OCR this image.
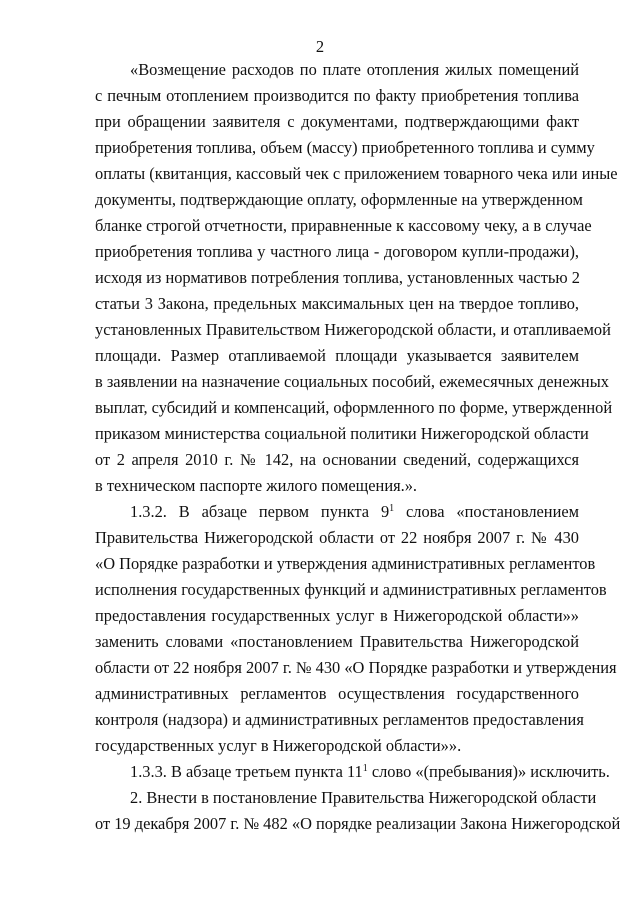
2
«Возмещение расходов по плате отопления жилых помещений
с печным отоплением производится по факту приобретения топлива
при обращении заявителя с документами, подтверждающими факт
приобретения топлива, объем (массу) приобретенного топлива и сумму
оплаты (квитанция, кассовый чек с приложением товарного чека или иные
документы, подтверждающие оплату, оформленные на утвержденном
бланке строгой отчетности, приравненные к кассовому чеку, а в случае
приобретения топлива у частного лица - договором купли-продажи),
исходя из нормативов потребления топлива, установленных частью 2
статьи 3 Закона, предельных максимальных цен на твердое топливо,
установленных Правительством Нижегородской области, и отапливаемой
площади. Размер отапливаемой площади указывается заявителем
в заявлении на назначение социальных пособий, ежемесячных денежных
выплат, субсидий и компенсаций, оформленного по форме, утвержденной
приказом министерства социальной политики Нижегородской области
от 2 апреля 2010 г. № 142, на основании сведений, содержащихся
в техническом паспорте жилого помещения.».
1.3.2. В абзаце первом пункта $9^1$ слова «постановлением
Правительства Нижегородской области от 22 ноября 2007 г. № 430
«О Порядке разработки и утверждения административных регламентов
исполнения государственных функций и административных регламентов
предоставления государственных услуг в Нижегородской области»»
заменить словами «постановлением Правительства Нижегородской
области от 22 ноября 2007 г. № 430 «О Порядке разработки и утверждения
административных регламентов осуществления государственного
контроля (надзора) и административных регламентов предоставления
государственных услуг в Нижегородской области»».
1.3.3. В абзаце третьем пункта $11^1$ слово «(пребывания)» исключить.
2. Внести в постановление Правительства Нижегородской области
от 19 декабря 2007 г. № 482 «О порядке реализации Закона Нижегородской
